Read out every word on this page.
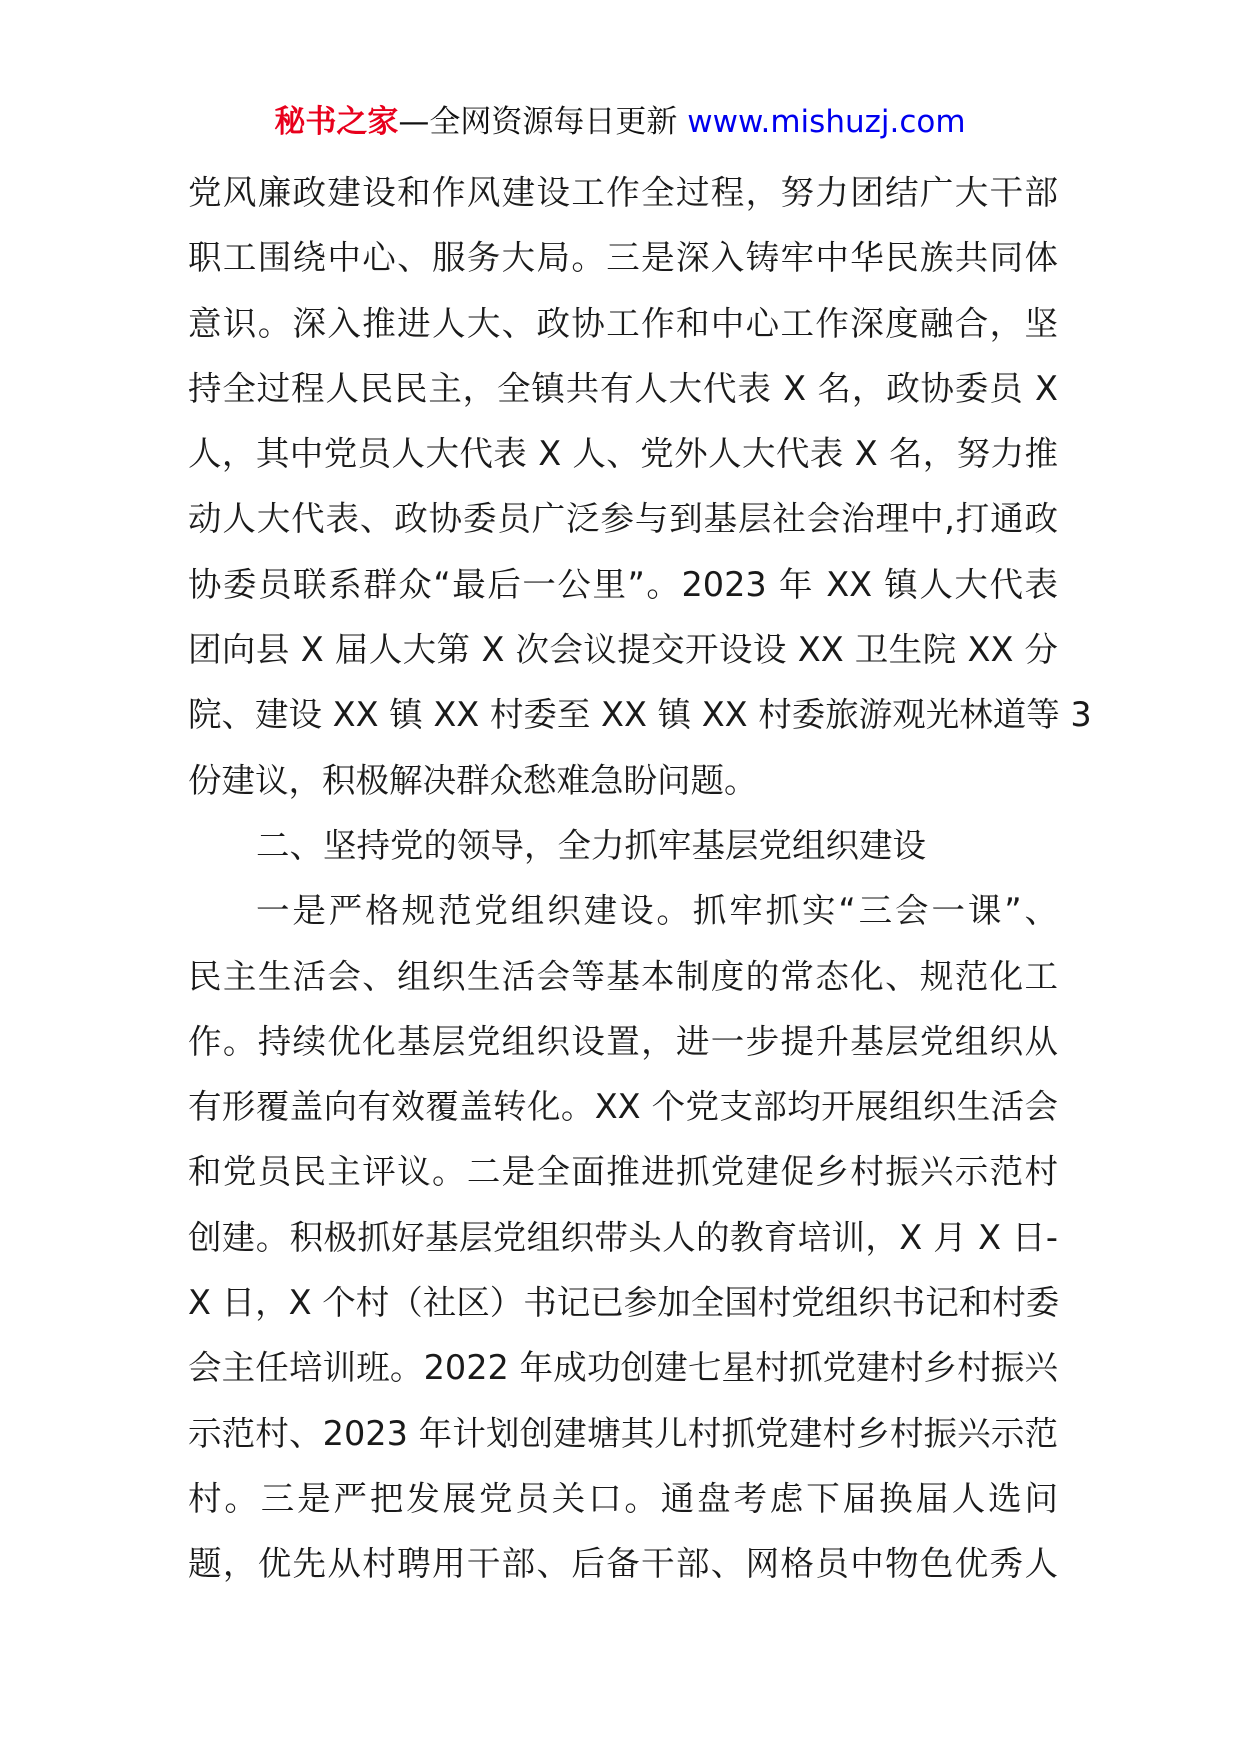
秘书之家—全网资源每日更新 www.mishuzj.com
党风廉政建设和作风建设工作全过程，努力团结广大干部
职工围绕中心、服务大局。三是深入铸牢中华民族共同体
意识。深入推进人大、政协工作和中心工作深度融合，坚
持全过程人民民主，全镇共有人大代表 X 名，政协委员 X
人，其中党员人大代表 X 人、党外人大代表 X 名，努力推
动人大代表、政协委员广泛参与到基层社会治理中,打通政
协委员联系群众“最后一公里”。2023 年 XX 镇人大代表
团向县 X 届人大第 X 次会议提交开设设 XX 卫生院 XX 分
院、建设 XX 镇 XX 村委至 XX 镇 XX 村委旅游观光林道等 3
份建议，积极解决群众愁难急盼问题。
二、坚持党的领导，全力抓牢基层党组织建设
一是严格规范党组织建设。抓牢抓实“三会一课”、
民主生活会、组织生活会等基本制度的常态化、规范化工
作。持续优化基层党组织设置，进一步提升基层党组织从
有形覆盖向有效覆盖转化。XX 个党支部均开展组织生活会
和党员民主评议。二是全面推进抓党建促乡村振兴示范村
创建。积极抓好基层党组织带头人的教育培训，X 月 X 日-
X 日，X 个村（社区）书记已参加全国村党组织书记和村委
会主任培训班。2022 年成功创建七星村抓党建村乡村振兴
示范村、2023 年计划创建塘其儿村抓党建村乡村振兴示范
村。三是严把发展党员关口。通盘考虑下届换届人选问
题，优先从村聘用干部、后备干部、网格员中物色优秀人
